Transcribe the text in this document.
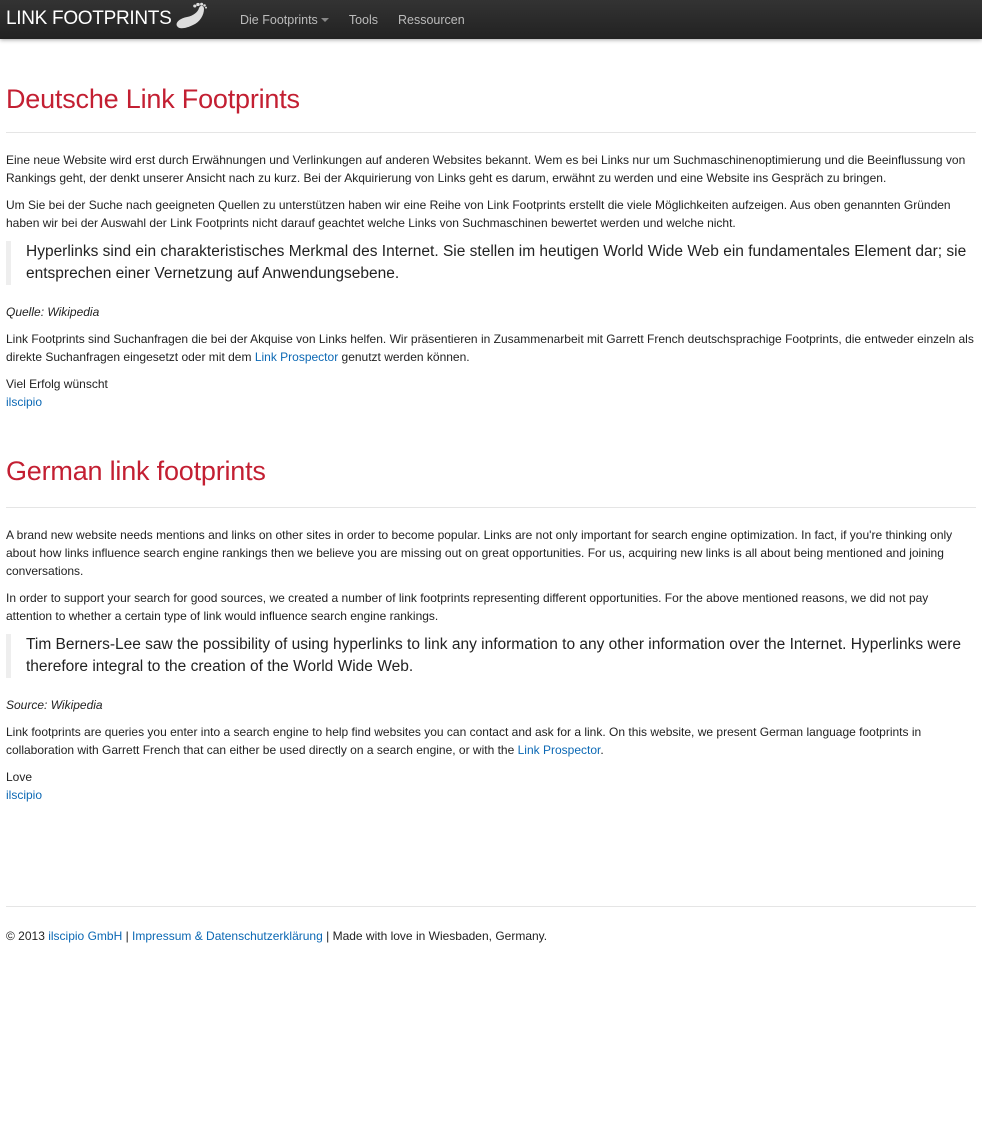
LINK FOOTPRINTS	Die Footprints Tools Ressourcen
Deutsche Link Footprints

Eine neue Website wird erst durch Erwähnungen und Verlinkungen auf anderen Websites bekannt. Wem es bei Links nur um Suchmaschinenoptimierung und die Beeinflussung von Rankings geht, der denkt unserer Ansicht nach zu kurz. Bei der Akquirierung von Links geht es darum, erwähnt zu werden und eine Website ins Gespräch zu bringen.

Um Sie bei der Suche nach geeigneten Quellen zu unterstützen haben wir eine Reihe von Link Footprints erstellt die viele Möglichkeiten aufzeigen. Aus oben genannten Gründen haben wir bei der Auswahl der Link Footprints nicht darauf geachtet welche Links von Suchmaschinen bewertet werden und welche nicht.

Hyperlinks sind ein charakteristisches Merkmal des Internet. Sie stellen im heutigen World Wide Web ein fundamentales Element dar; sie entsprechen einer Vernetzung auf Anwendungsebene.

Quelle: Wikipedia

Link Footprints sind Suchanfragen die bei der Akquise von Links helfen. Wir präsentieren in Zusammenarbeit mit Garrett French deutschsprachige Footprints, die entweder einzeln als direkte Suchanfragen eingesetzt oder mit dem Link Prospector genutzt werden können.

Viel Erfolg wünscht

ilscipio

German link footprints

A brand new website needs mentions and links on other sites in order to become popular. Links are not only important for search engine optimization. In fact, if you're thinking only about how links influence search engine rankings then we believe you are missing out on great opportunities. For us, acquiring new links is all about being mentioned and joining conversations.

In order to support your search for good sources, we created a number of link footprints representing different opportunities. For the above mentioned reasons, we did not pay attention to whether a certain type of link would influence search engine rankings.

Tim Berners-Lee saw the possibility of using hyperlinks to link any information to any other information over the Internet. Hyperlinks were therefore integral to the creation of the World Wide Web.

Source: Wikipedia

Link footprints are queries you enter into a search engine to help find websites you can contact and ask for a link. On this website, we present German language footprints in collaboration with Garrett French that can either be used directly on a search engine, or with the Link Prospector.

Love

ilscipio

© 2013 ilscipio GmbH | Impressum & Datenschutzerklärung | Made with love in Wiesbaden, Germany.
